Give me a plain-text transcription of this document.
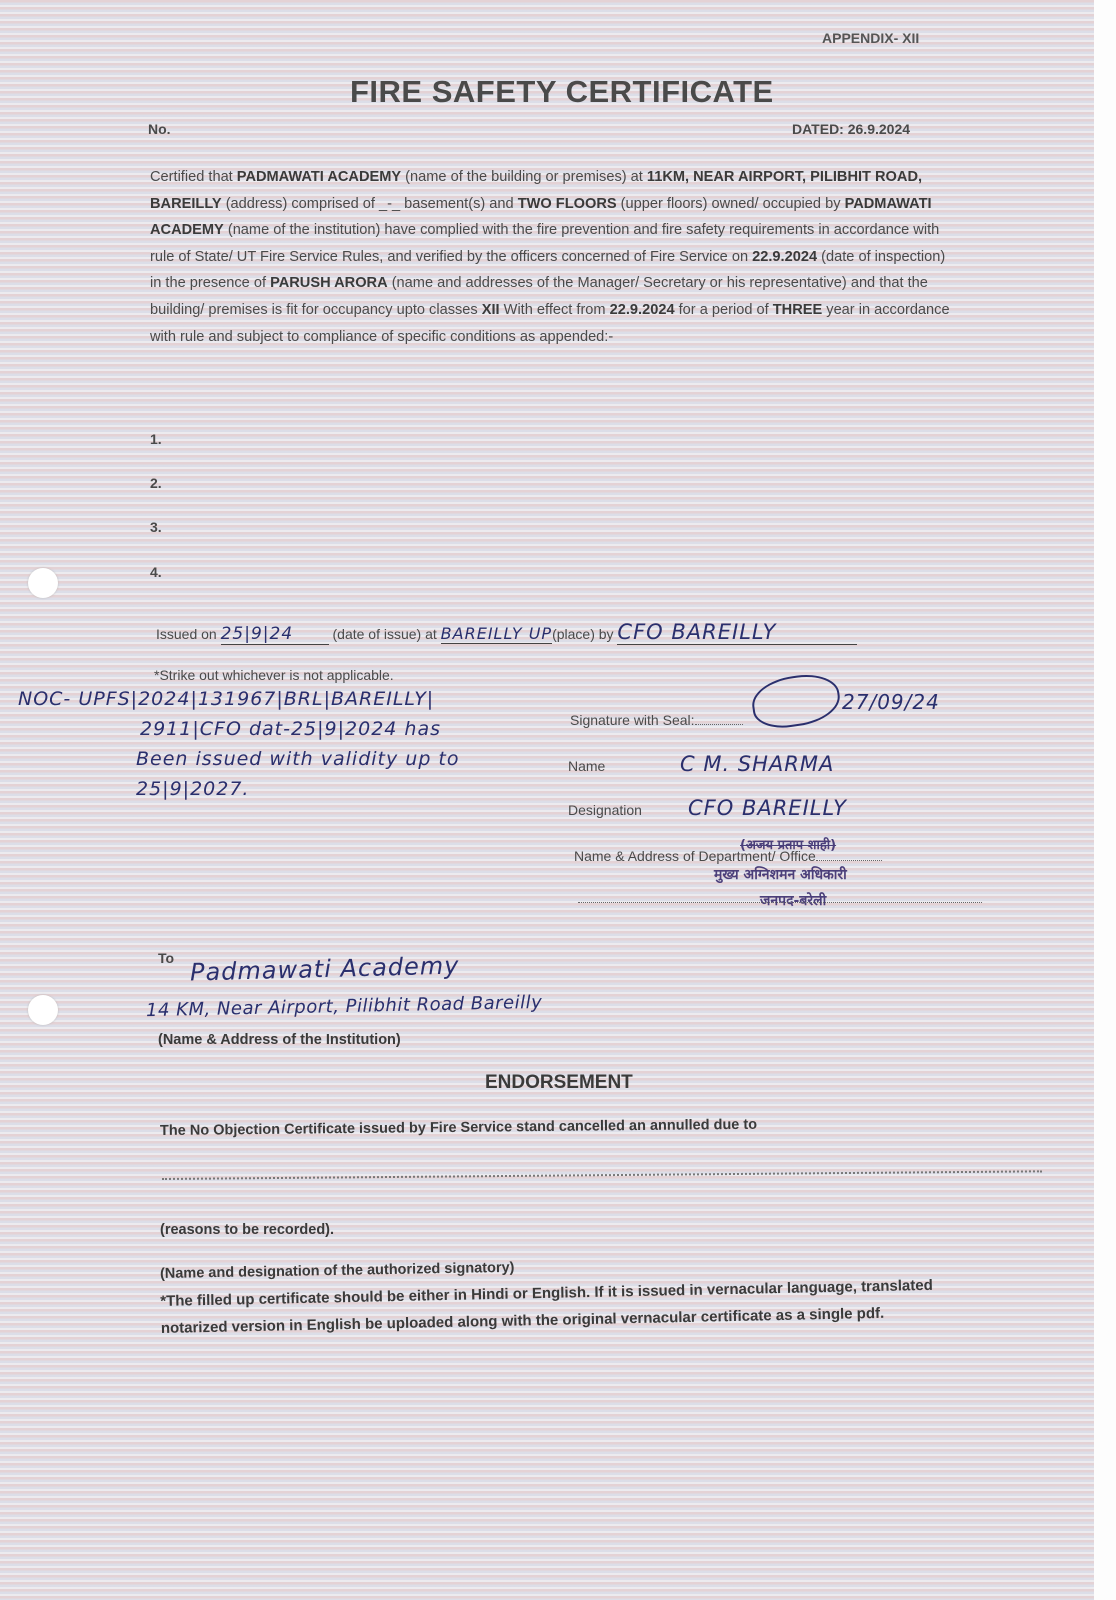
APPENDIX- XII
FIRE SAFETY CERTIFICATE
No.	DATED: 26.9.2024
Certified that PADMAWATI ACADEMY (name of the building or premises) at 11KM, NEAR AIRPORT, PILIBHIT ROAD, BAREILLY (address) comprised of _-_ basement(s) and TWO FLOORS (upper floors) owned/ occupied by PADMAWATI ACADEMY (name of the institution) have complied with the fire prevention and fire safety requirements in accordance with rule of State/ UT Fire Service Rules, and verified by the officers concerned of Fire Service on 22.9.2024 (date of inspection) in the presence of PARUSH ARORA (name and addresses of the Manager/ Secretary or his representative) and that the building/ premises is fit for occupancy upto classes XII With effect from 22.9.2024 for a period of THREE year in accordance with rule and subject to compliance of specific conditions as appended:-
1.
2.
3.
4.
Issued on 25|9|24	(date of issue) at BAREILLY UP(place) by CFO BAREILLY
*Strike out whichever is not applicable.
NOC- UPFS|2024|131967|BRL|BAREILLY|
2911|CFO dat-25|9|2024 has
Been issued with validity up to
25|9|2027.
Signature with Seal:
27/09/24
Name	C M. SHARMA
Designation CFO BAREILLY
Name & Address of Department/ Office
(अजय प्रताप शाही)
मुख्य अग्निशमन अधिकारी
जनपद-बरेली
To Padmawati Academy
14 KM, Near Airport, Pilibhit Road Bareilly
(Name & Address of the Institution)
ENDORSEMENT
The No Objection Certificate issued by Fire Service stand cancelled an annulled due to
(reasons to be recorded).
(Name and designation of the authorized signatory)
*The filled up certificate should be either in Hindi or English. If it is issued in vernacular language, translated notarized version in English be uploaded along with the original vernacular certificate as a single pdf.
